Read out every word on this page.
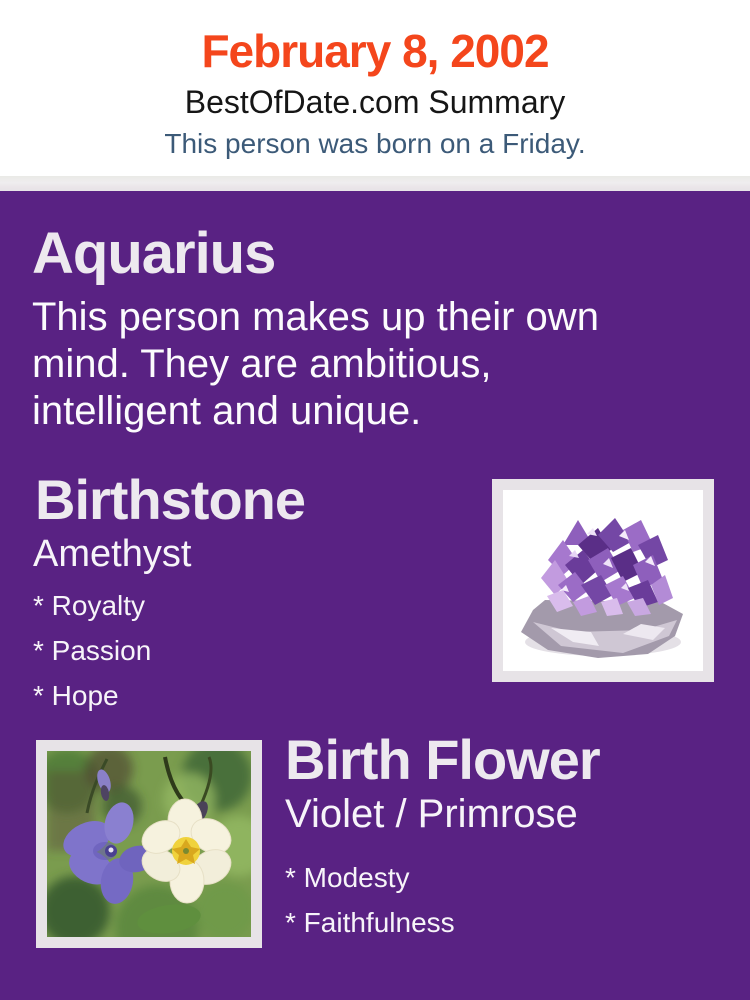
February 8, 2002
BestOfDate.com Summary
This person was born on a Friday.
Aquarius
This person makes up their own mind. They are ambitious, intelligent and unique.
Birthstone
Amethyst
* Royalty
* Passion
* Hope
Birth Flower
Violet / Primrose
* Modesty
* Faithfulness
